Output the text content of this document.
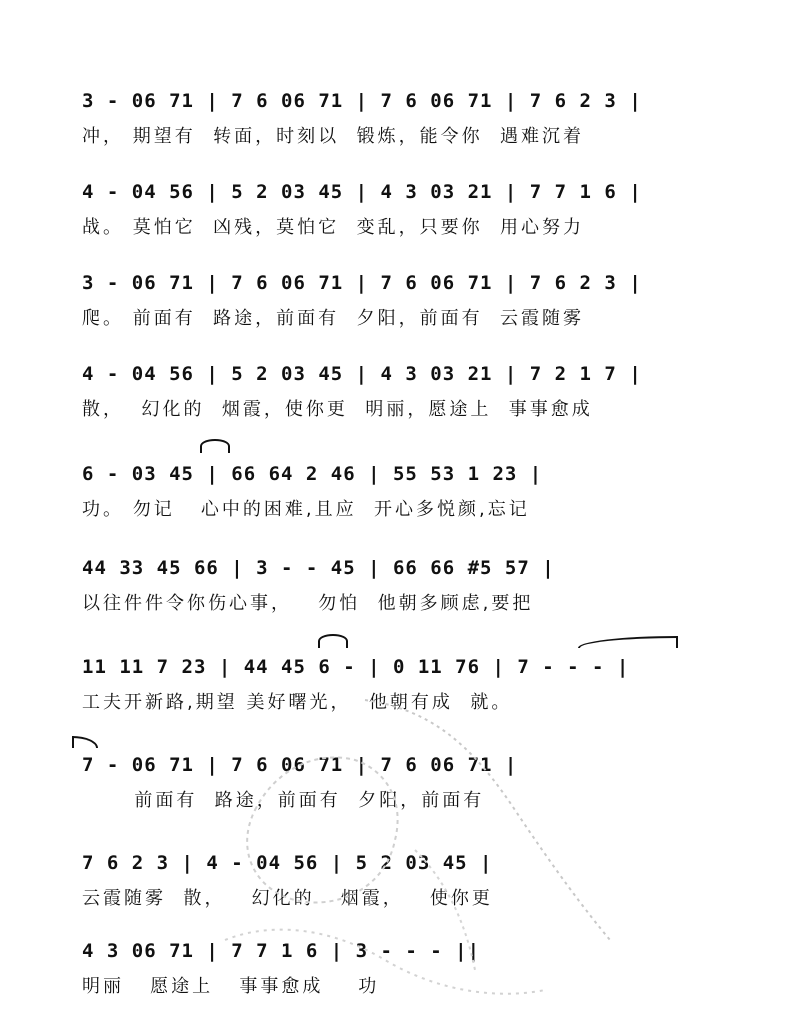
3 - 06 71 | 7 6 06 71 | 7 6 06 71 | 7 6 2 3 |
冲， 期望有  转面，时刻以  锻炼，能令你  遇难沉着
4 - 04 56 | 5 2 03 45 | 4 3 03 21 | 7 7 1 6 |
战。 莫怕它  凶残，莫怕它  变乱，只要你  用心努力
3 - 06 71 | 7 6 06 71 | 7 6 06 71 | 7 6 2 3 |
爬。 前面有  路途，前面有  夕阳，前面有  云霞随雾
4 - 04 56 | 5 2 03 45 | 4 3 03 21 | 7 2 1 7 |
散，  幻化的  烟霞，使你更  明丽，愿途上  事事愈成
6 - 03 45 | 66 64 2 46 | 55 53 1 23 |
功。 勿记   心中的困难,且应  开心多悦颜,忘记
44 33 45 66 | 3 - - 45 | 66 66 #5 57 |
以往件件令你伤心事，   勿怕  他朝多顾虑,要把
11 11 7 23 | 44 45 6 - | 0 11 76 | 7 - - - |
工夫开新路,期望 美好曙光，  他朝有成  就。
7 - 06 71 | 7 6 06 71 | 7 6 06 71 |
前面有  路途，前面有  夕阳，前面有
7 6 2 3 | 4 - 04 56 | 5 2 03 45 |
云霞随雾  散，   幻化的   烟霞，   使你更
4 3 06 71 | 7 7 1 6 | 3 - - - ||
明丽   愿途上   事事愈成    功
